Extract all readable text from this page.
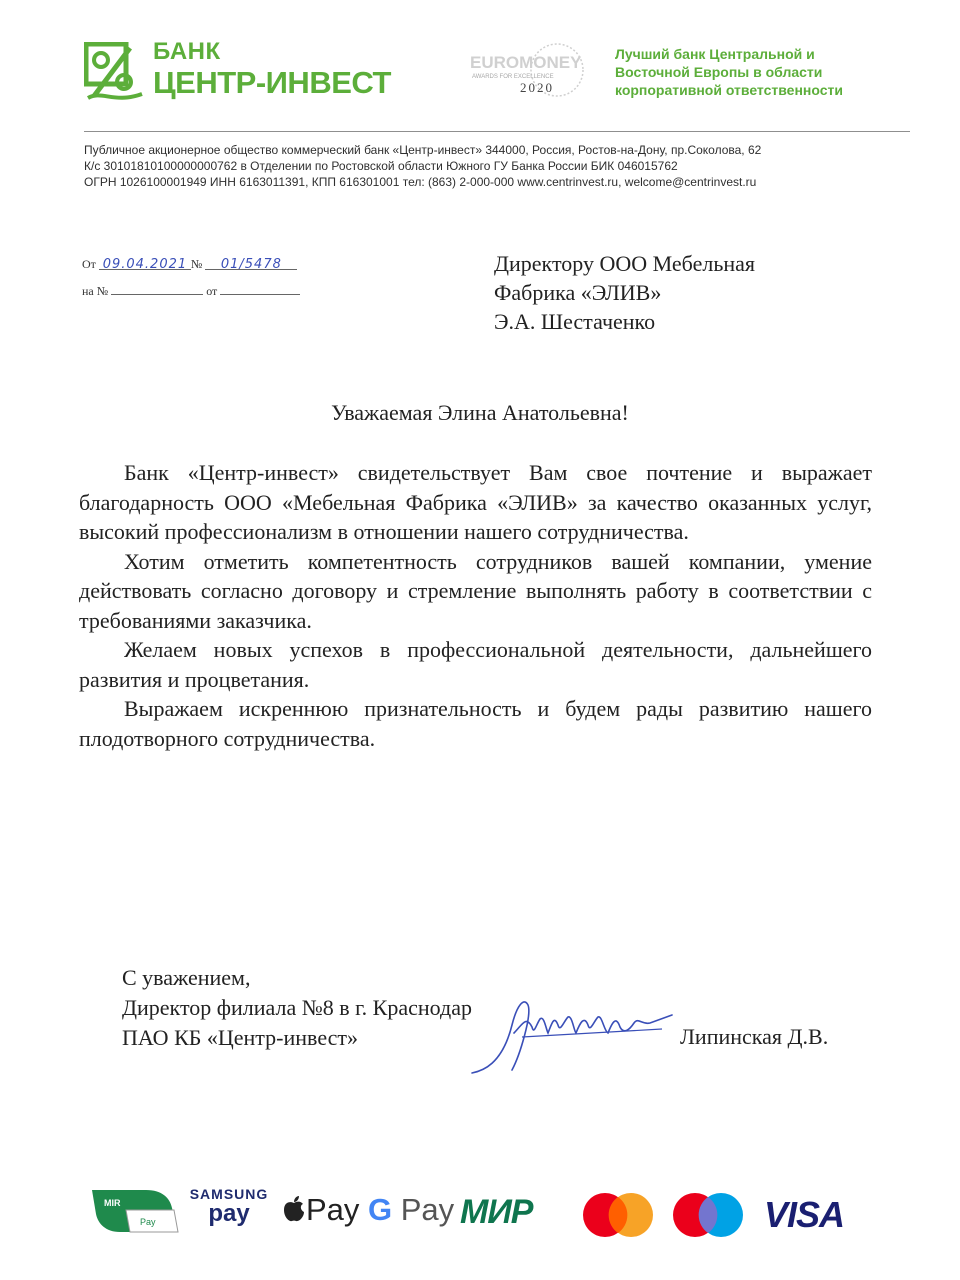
БАНК
ЦЕНТР-ИНВЕСТ
EUROMONEY
AWARDS FOR EXCELLENCE
2020
Лучший банк Центральной и
Восточной Европы в области
корпоративной ответственности
Публичное акционерное общество коммерческий банк «Центр-инвест» 344000, Россия, Ростов-на-Дону, пр.Соколова, 62
К/с 30101810100000000762 в Отделении по Ростовской области Южного ГУ Банка России БИК 046015762
ОГРН 1026100001949 ИНН 6163011391, КПП 616301001 тел: (863) 2-000-000 www.centrinvest.ru, welcome@centrinvest.ru
От 09.04.2021 № 01/5478
на №	от
Директору ООО Мебельная
Фабрика «ЭЛИВ»
Э.А. Шестаченко
Уважаемая Элина Анатольевна!

Банк «Центр-инвест» свидетельствует Вам свое почтение и выражает благодарность ООО «Мебельная Фабрика «ЭЛИВ» за качество оказанных услуг, высокий профессионализм в отношении нашего сотрудничества.

Хотим отметить компетентность сотрудников вашей компании, умение действовать согласно договору и стремление выполнять работу в соответствии с требованиями заказчика.

Желаем новых успехов в профессиональной деятельности, дальнейшего развития и процветания.

Выражаем искреннюю признательность и будем рады развитию нашего плодотворного сотрудничества.

С уважением,
Директор филиала №8 в г. Краснодар
ПАО КБ «Центр-инвест»	Липинская Д.В.
MIR
Pay
SAMSUNG
pay	Pay G Pay МИР	VISA
